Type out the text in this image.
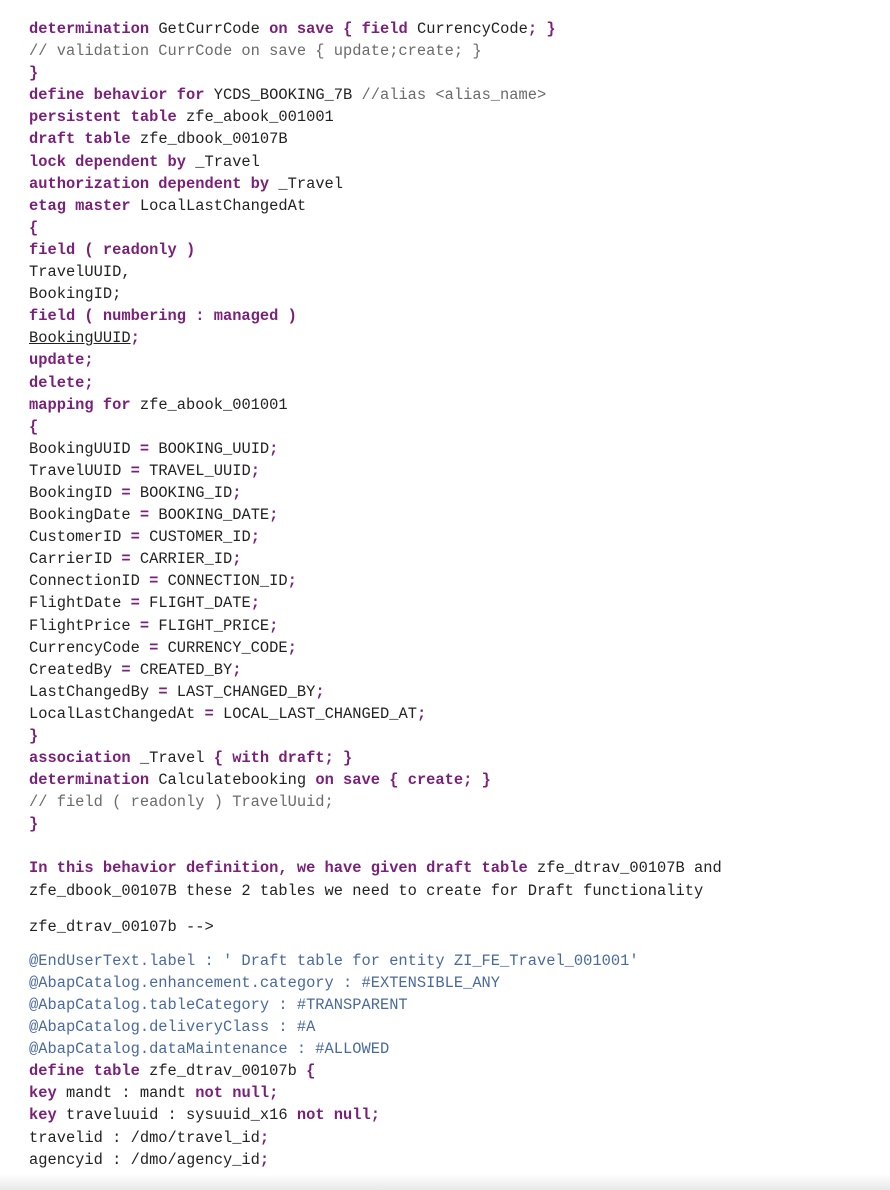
determination GetCurrCode on save { field CurrencyCode; }
// validation CurrCode on save { update;create; }
}
define behavior for YCDS_BOOKING_7B //alias <alias_name>
persistent table zfe_abook_001001
draft table zfe_dbook_00107B
lock dependent by _Travel
authorization dependent by _Travel
etag master LocalLastChangedAt
{
field ( readonly )
TravelUUID,
BookingID;
field ( numbering : managed )
BookingUUID;
update;
delete;
mapping for zfe_abook_001001
{
BookingUUID = BOOKING_UUID;
TravelUUID = TRAVEL_UUID;
BookingID = BOOKING_ID;
BookingDate = BOOKING_DATE;
CustomerID = CUSTOMER_ID;
CarrierID = CARRIER_ID;
ConnectionID = CONNECTION_ID;
FlightDate = FLIGHT_DATE;
FlightPrice = FLIGHT_PRICE;
CurrencyCode = CURRENCY_CODE;
CreatedBy = CREATED_BY;
LastChangedBy = LAST_CHANGED_BY;
LocalLastChangedAt = LOCAL_LAST_CHANGED_AT;
}
association _Travel { with draft; }
determination Calculatebooking on save { create; }
// field ( readonly ) TravelUuid;
}
In this behavior definition, we have given draft table zfe_dtrav_00107B and
zfe_dbook_00107B these 2 tables we need to create for Draft functionality
zfe_dtrav_00107b -->
@EndUserText.label : ' Draft table for entity ZI_FE_Travel_001001'
@AbapCatalog.enhancement.category : #EXTENSIBLE_ANY
@AbapCatalog.tableCategory : #TRANSPARENT
@AbapCatalog.deliveryClass : #A
@AbapCatalog.dataMaintenance : #ALLOWED
define table zfe_dtrav_00107b {
key mandt : mandt not null;
key traveluuid : sysuuid_x16 not null;
travelid : /dmo/travel_id;
agencyid : /dmo/agency_id;
